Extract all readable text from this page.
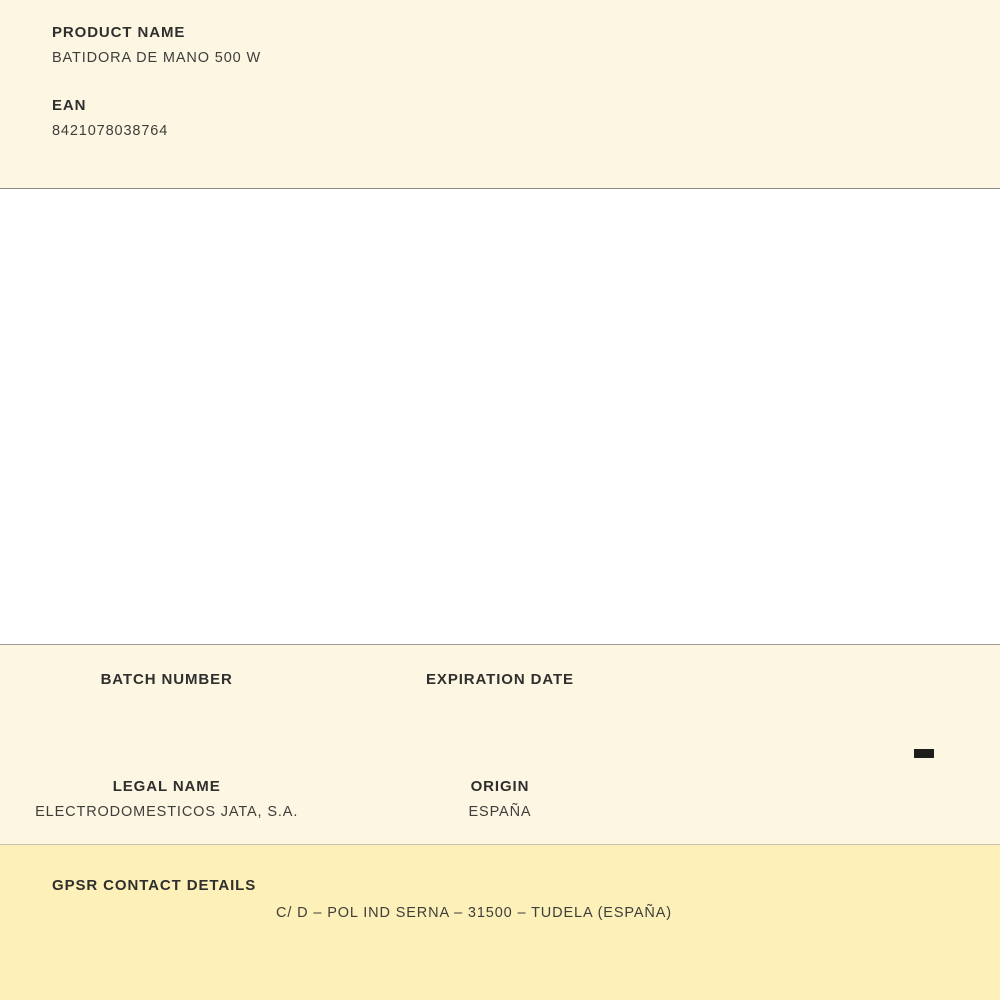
PRODUCT NAME

BATIDORA DE MANO 500 W

EAN

8421078038764

BATCH NUMBER	EXPIRATION DATE

LEGAL NAME

ELECTRODOMESTICOS JATA, S.A.

ORIGIN

ESPAÑA

GPSR CONTACT DETAILS

C/ D – POL IND SERNA – 31500 – TUDELA (ESPAÑA)
